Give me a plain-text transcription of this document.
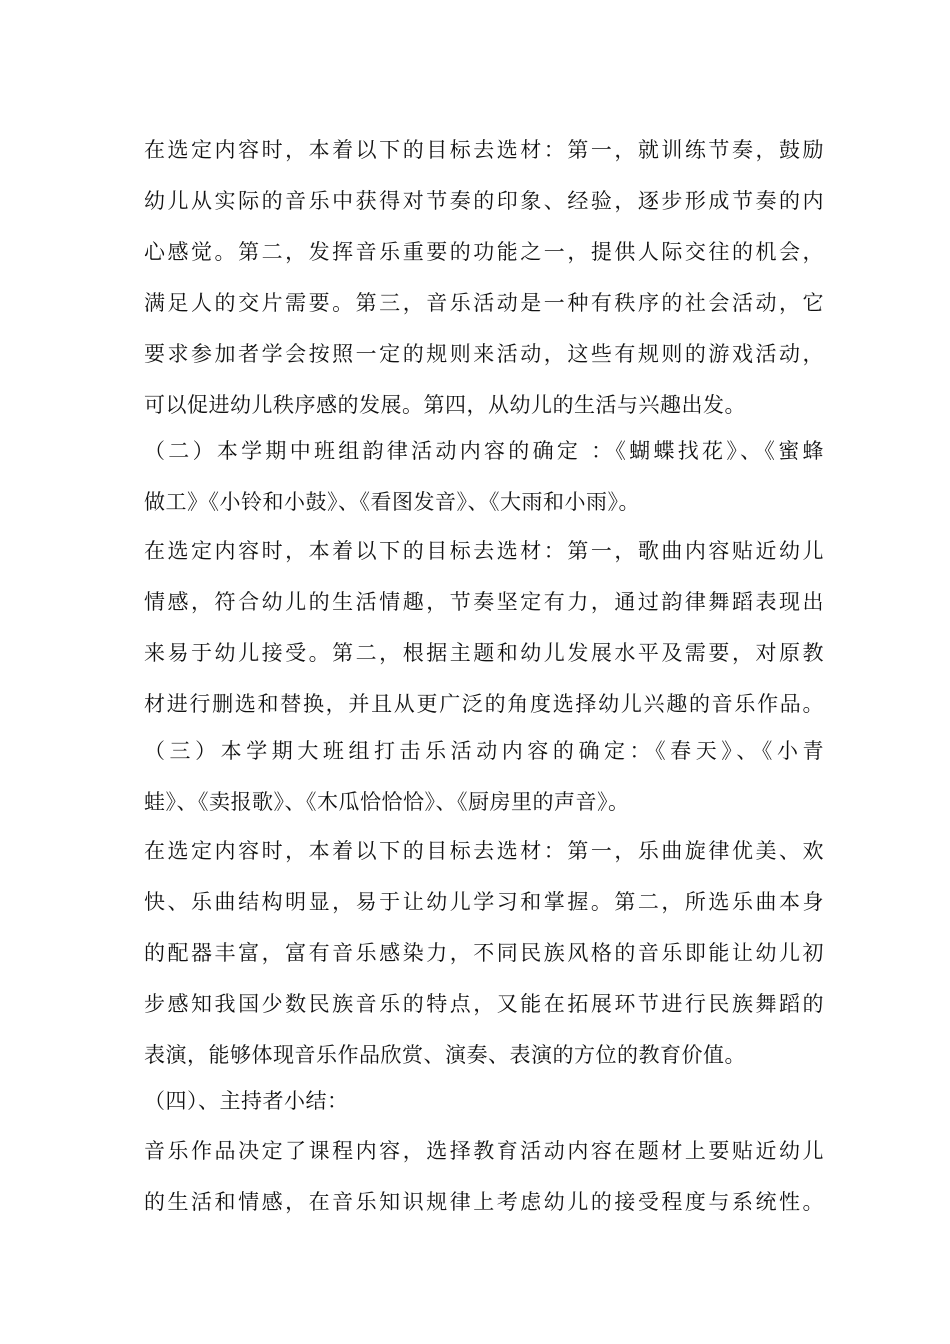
在选定内容时，本着以下的目标去选材：第一，就训练节奏，鼓励
幼儿从实际的音乐中获得对节奏的印象、经验，逐步形成节奏的内
心感觉。第二，发挥音乐重要的功能之一，提供人际交往的机会，
满足人的交片需要。第三，音乐活动是一种有秩序的社会活动，它
要求参加者学会按照一定的规则来活动，这些有规则的游戏活动，
可以促进幼儿秩序感的发展。第四，从幼儿的生活与兴趣出发。
（二）本学期中班组韵律活动内容的确定 ：《蝴蝶找花》、《蜜蜂
做工》《小铃和小鼓》、《看图发音》、《大雨和小雨》。
在选定内容时，本着以下的目标去选材：第一，歌曲内容贴近幼儿
情感，符合幼儿的生活情趣，节奏坚定有力，通过韵律舞蹈表现出
来易于幼儿接受。第二，根据主题和幼儿发展水平及需要，对原教
材进行删选和替换，并且从更广泛的角度选择幼儿兴趣的音乐作品。
（三）本学期大班组打击乐活动内容的确定：《春天》、《小青
蛙》、《卖报歌》、《木瓜恰恰恰》、《厨房里的声音》。
在选定内容时，本着以下的目标去选材：第一，乐曲旋律优美、欢
快、乐曲结构明显，易于让幼儿学习和掌握。第二，所选乐曲本身
的配器丰富，富有音乐感染力，不同民族风格的音乐即能让幼儿初
步感知我国少数民族音乐的特点，又能在拓展环节进行民族舞蹈的
表演，能够体现音乐作品欣赏、演奏、表演的方位的教育价值。
（四）、主持者小结：
音乐作品决定了课程内容，选择教育活动内容在题材上要贴近幼儿
的生活和情感，在音乐知识规律上考虑幼儿的接受程度与系统性。
